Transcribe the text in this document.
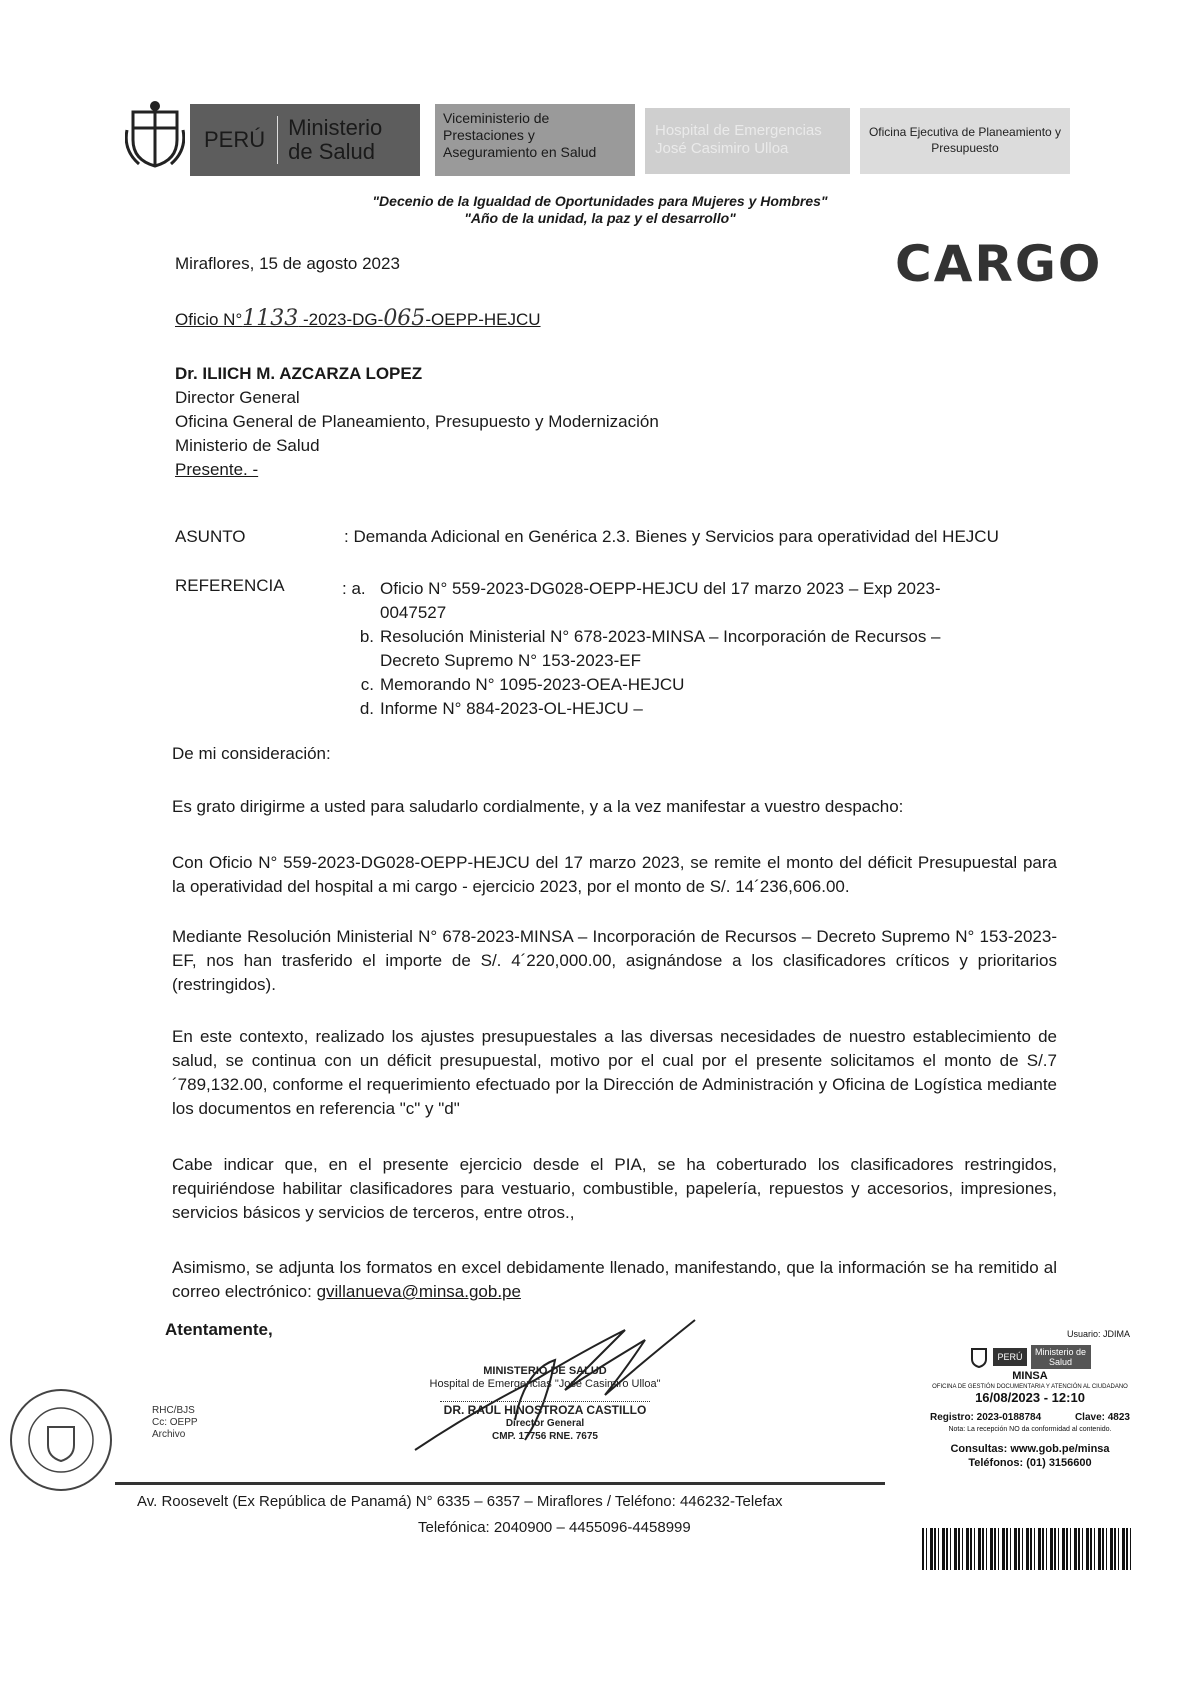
PERÚ	Ministerio
de Salud
Viceministerio de Prestaciones y Aseguramiento en Salud
Hospital de Emergencias José Casimiro Ulloa
Oficina Ejecutiva de Planeamiento y Presupuesto
"Decenio de la Igualdad de Oportunidades para Mujeres y Hombres"
"Año de la unidad, la paz y el desarrollo"
CARGO
Miraflores, 15 de agosto 2023
Oficio N°1133 -2023-DG-065-OEPP-HEJCU
Dr. ILIICH M. AZCARZA LOPEZ
Director General
Oficina General de Planeamiento, Presupuesto y Modernización
Ministerio de Salud
Presente. -
ASUNTO	: Demanda Adicional en Genérica 2.3. Bienes y Servicios para operatividad del HEJCU
REFERENCIA	: a. Oficio N° 559-2023-DG028-OEPP-HEJCU del 17 marzo 2023 – Exp 2023-
0047527
b. Resolución Ministerial N° 678-2023-MINSA – Incorporación de Recursos –
Decreto Supremo N° 153-2023-EF
c. Memorando N° 1095-2023-OEA-HEJCU
d. Informe N° 884-2023-OL-HEJCU –
De mi consideración:
Es grato dirigirme a usted para saludarlo cordialmente, y a la vez manifestar a vuestro despacho:
Con Oficio N° 559-2023-DG028-OEPP-HEJCU del 17 marzo 2023, se remite el monto del déficit Presupuestal para la operatividad del hospital a mi cargo - ejercicio 2023, por el monto de S/. 14´236,606.00.
Mediante Resolución Ministerial N° 678-2023-MINSA – Incorporación de Recursos – Decreto Supremo N° 153-2023-EF, nos han trasferido el importe de S/. 4´220,000.00, asignándose a los clasificadores críticos y prioritarios (restringidos).
En este contexto, realizado los ajustes presupuestales a las diversas necesidades de nuestro establecimiento de salud, se continua con un déficit presupuestal, motivo por el cual por el presente solicitamos el monto de S/.7´789,132.00, conforme el requerimiento efectuado por la Dirección de Administración y Oficina de Logística mediante los documentos en referencia "c" y "d"
Cabe indicar que, en el presente ejercicio desde el PIA, se ha coberturado los clasificadores restringidos, requiriéndose habilitar clasificadores para vestuario, combustible, papelería, repuestos y accesorios, impresiones, servicios básicos y servicios de terceros, entre otros.,
Asimismo, se adjunta los formatos en excel debidamente llenado, manifestando, que la información se ha remitido al correo electrónico: gvillanueva@minsa.gob.pe
Atentamente,
RHC/BJS
Cc: OEPP
Archivo
MINISTERIO DE SALUD
Hospital de Emergencias "José Casimiro Ulloa"
DR. RAÚL HINOSTROZA CASTILLO
Director General
CMP. 17756 RNE. 7675
Av. Roosevelt (Ex República de Panamá) N° 6335 – 6357 – Miraflores / Teléfono: 446232-Telefax
Telefónica: 2040900 – 4455096-4458999
Usuario: JDIMA
PERÚ	Ministerio de Salud
MINSA
OFICINA DE GESTIÓN DOCUMENTARIA Y ATENCIÓN AL CIUDADANO
16/08/2023 - 12:10
Registro: 2023-0188784	Clave: 4823
Nota: La recepción NO da conformidad al contenido.
Consultas: www.gob.pe/minsa
Teléfonos: (01) 3156600
